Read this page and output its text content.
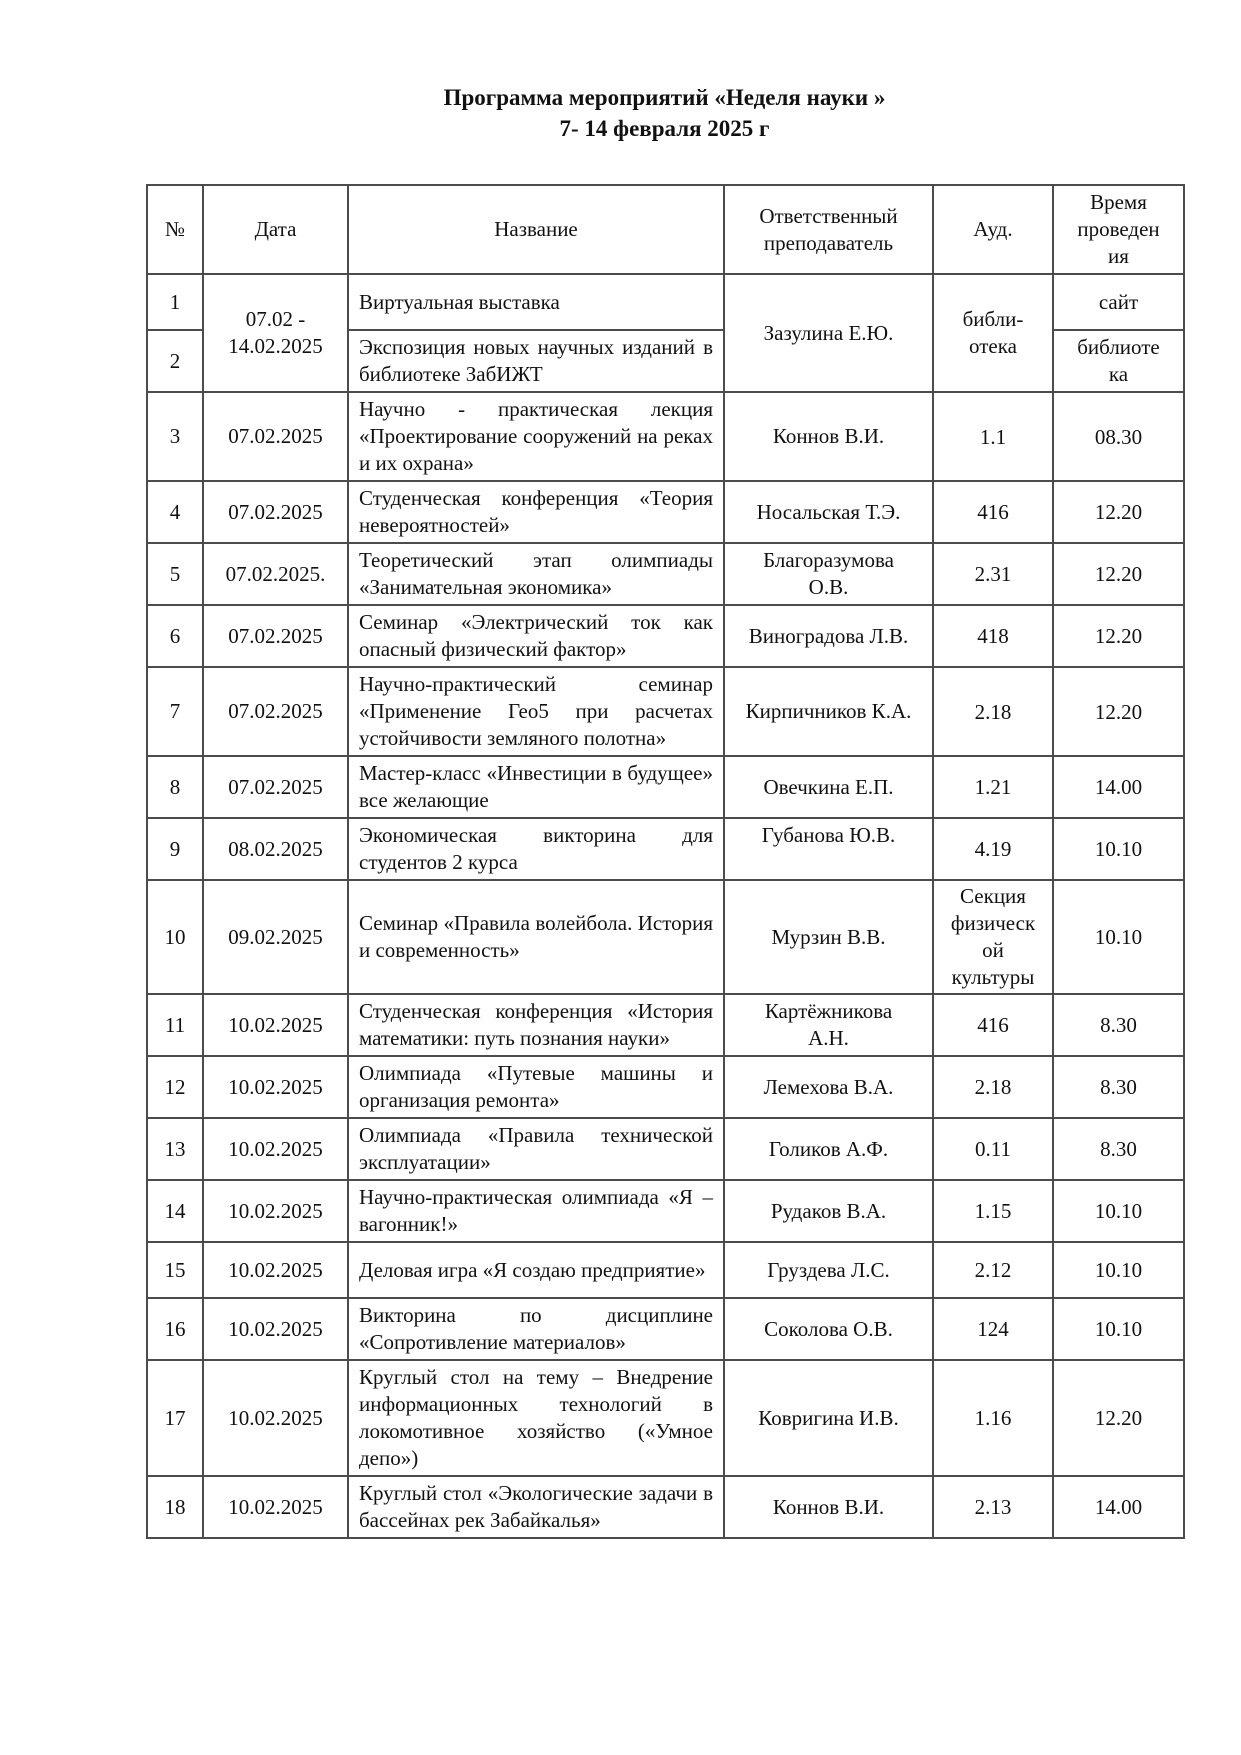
Программа мероприятий «Неделя науки »
7- 14 февраля 2025 г
№	Дата	Название	Ответственный преподаватель	Ауд.	Время проведения
1	07.02 - 14.02.2025	Виртуальная выставка	Зазулина Е.Ю.	библи-отека	сайт
2		Экспозиция новых научных изданий в библиотеке ЗабИЖТ			библиотека
3	07.02.2025	Научно - практическая лекция «Проектирование сооружений на реках и их охрана»	Коннов В.И.	1.1	08.30
4	07.02.2025	Студенческая конференция «Теория невероятностей»	Носальская Т.Э.	416	12.20
5	07.02.2025.	Теоретический этап олимпиады «Занимательная экономика»	Благоразумова О.В.	2.31	12.20
6	07.02.2025	Семинар «Электрический ток как опасный физический фактор»	Виноградова Л.В.	418	12.20
7	07.02.2025	Научно-практический семинар «Применение Гео5 при расчетах устойчивости земляного полотна»	Кирпичников К.А.	2.18	12.20
8	07.02.2025	Мастер-класс «Инвестиции в будущее» все желающие	Овечкина Е.П.	1.21	14.00
9	08.02.2025	Экономическая викторина для студентов 2 курса	Губанова Ю.В.	4.19	10.10
10	09.02.2025	Семинар «Правила волейбола. История и современность»	Мурзин В.В.	Секция физической культуры	10.10
11	10.02.2025	Студенческая конференция «История математики: путь познания науки»	Картёжникова А.Н.	416	8.30
12	10.02.2025	Олимпиада «Путевые машины и организация ремонта»	Лемехова В.А.	2.18	8.30
13	10.02.2025	Олимпиада «Правила технической эксплуатации»	Голиков А.Ф.	0.11	8.30
14	10.02.2025	Научно-практическая олимпиада «Я – вагонник!»	Рудаков В.А.	1.15	10.10
15	10.02.2025	Деловая игра «Я создаю предприятие»	Груздева Л.С.	2.12	10.10
16	10.02.2025	Викторина по дисциплине «Сопротивление материалов»	Соколова О.В.	124	10.10
17	10.02.2025	Круглый стол на тему – Внедрение информационных технологий в локомотивное хозяйство («Умное депо»)	Ковригина И.В.	1.16	12.20
18	10.02.2025	Круглый стол «Экологические задачи в бассейнах рек Забайкалья»	Коннов В.И.	2.13	14.00
